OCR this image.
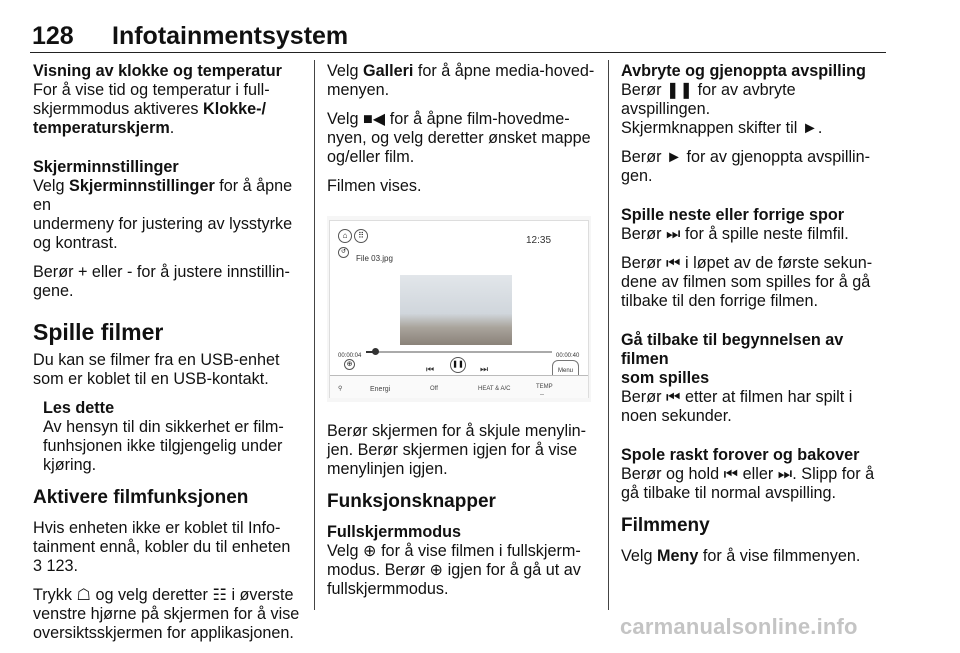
128 Infotainmentsystem

Visning av klokke og temperatur

For å vise tid og temperatur i full-
skjermmodus aktiveres Klokke-/
temperaturskjerm.

Skjerminnstillinger

Velg Skjerminnstillinger for å åpne en
undermeny for justering av lysstyrke
og kontrast.

Berør + eller - for å justere innstillin-
gene.

Spille filmer

Du kan se filmer fra en USB-enhet
som er koblet til en USB-kontakt.

Les dette
Av hensyn til din sikkerhet er film-
funhsjonen ikke tilgjengelig under
kjøring.

Aktivere filmfunksjonen

Hvis enheten ikke er koblet til Info-
tainment ennå, kobler du til enheten
3 123.

Trykk ☖ og velg deretter ☷ i øverste
venstre hjørne på skjermen for å vise
oversiktsskjermen for applikasjonen.

Velg Galleri for å åpne media-hoved-
menyen.

Velg ■◀ for å åpne film-hovedme-
nyen, og velg deretter ønsket mappe
og/eller film.

Filmen vises.

⌂	⠿	12:35
File 03.jpg
↺
00:00:04	00:00:40
⊕
⏮
❚❚
⏭	Menu
⚲	Energi	Off	HEAT & A/C	TEMP
--

Berør skjermen for å skjule menylin-
jen. Berør skjermen igjen for å vise
menylinjen igjen.

Funksjonsknapper

Fullskjermmodus

Velg ⊕ for å vise filmen i fullskjerm-
modus. Berør ⊕ igjen for å gå ut av
fullskjermmodus.

Avbryte og gjenoppta avspilling

Berør ❚❚ for av avbryte avspillingen.
Skjermknappen skifter til ►.

Berør ► for av gjenoppta avspillin-
gen.

Spille neste eller forrige spor

Berør ⏭ for å spille neste filmfil.

Berør ⏮ i løpet av de første sekun-
dene av filmen som spilles for å gå
tilbake til den forrige filmen.

Gå tilbake til begynnelsen av filmen
som spilles

Berør ⏮ etter at filmen har spilt i
noen sekunder.

Spole raskt forover og bakover

Berør og hold ⏮ eller ⏭. Slipp for å
gå tilbake til normal avspilling.

Filmmeny

Velg Meny for å vise filmmenyen.

carmanualsonline.info
